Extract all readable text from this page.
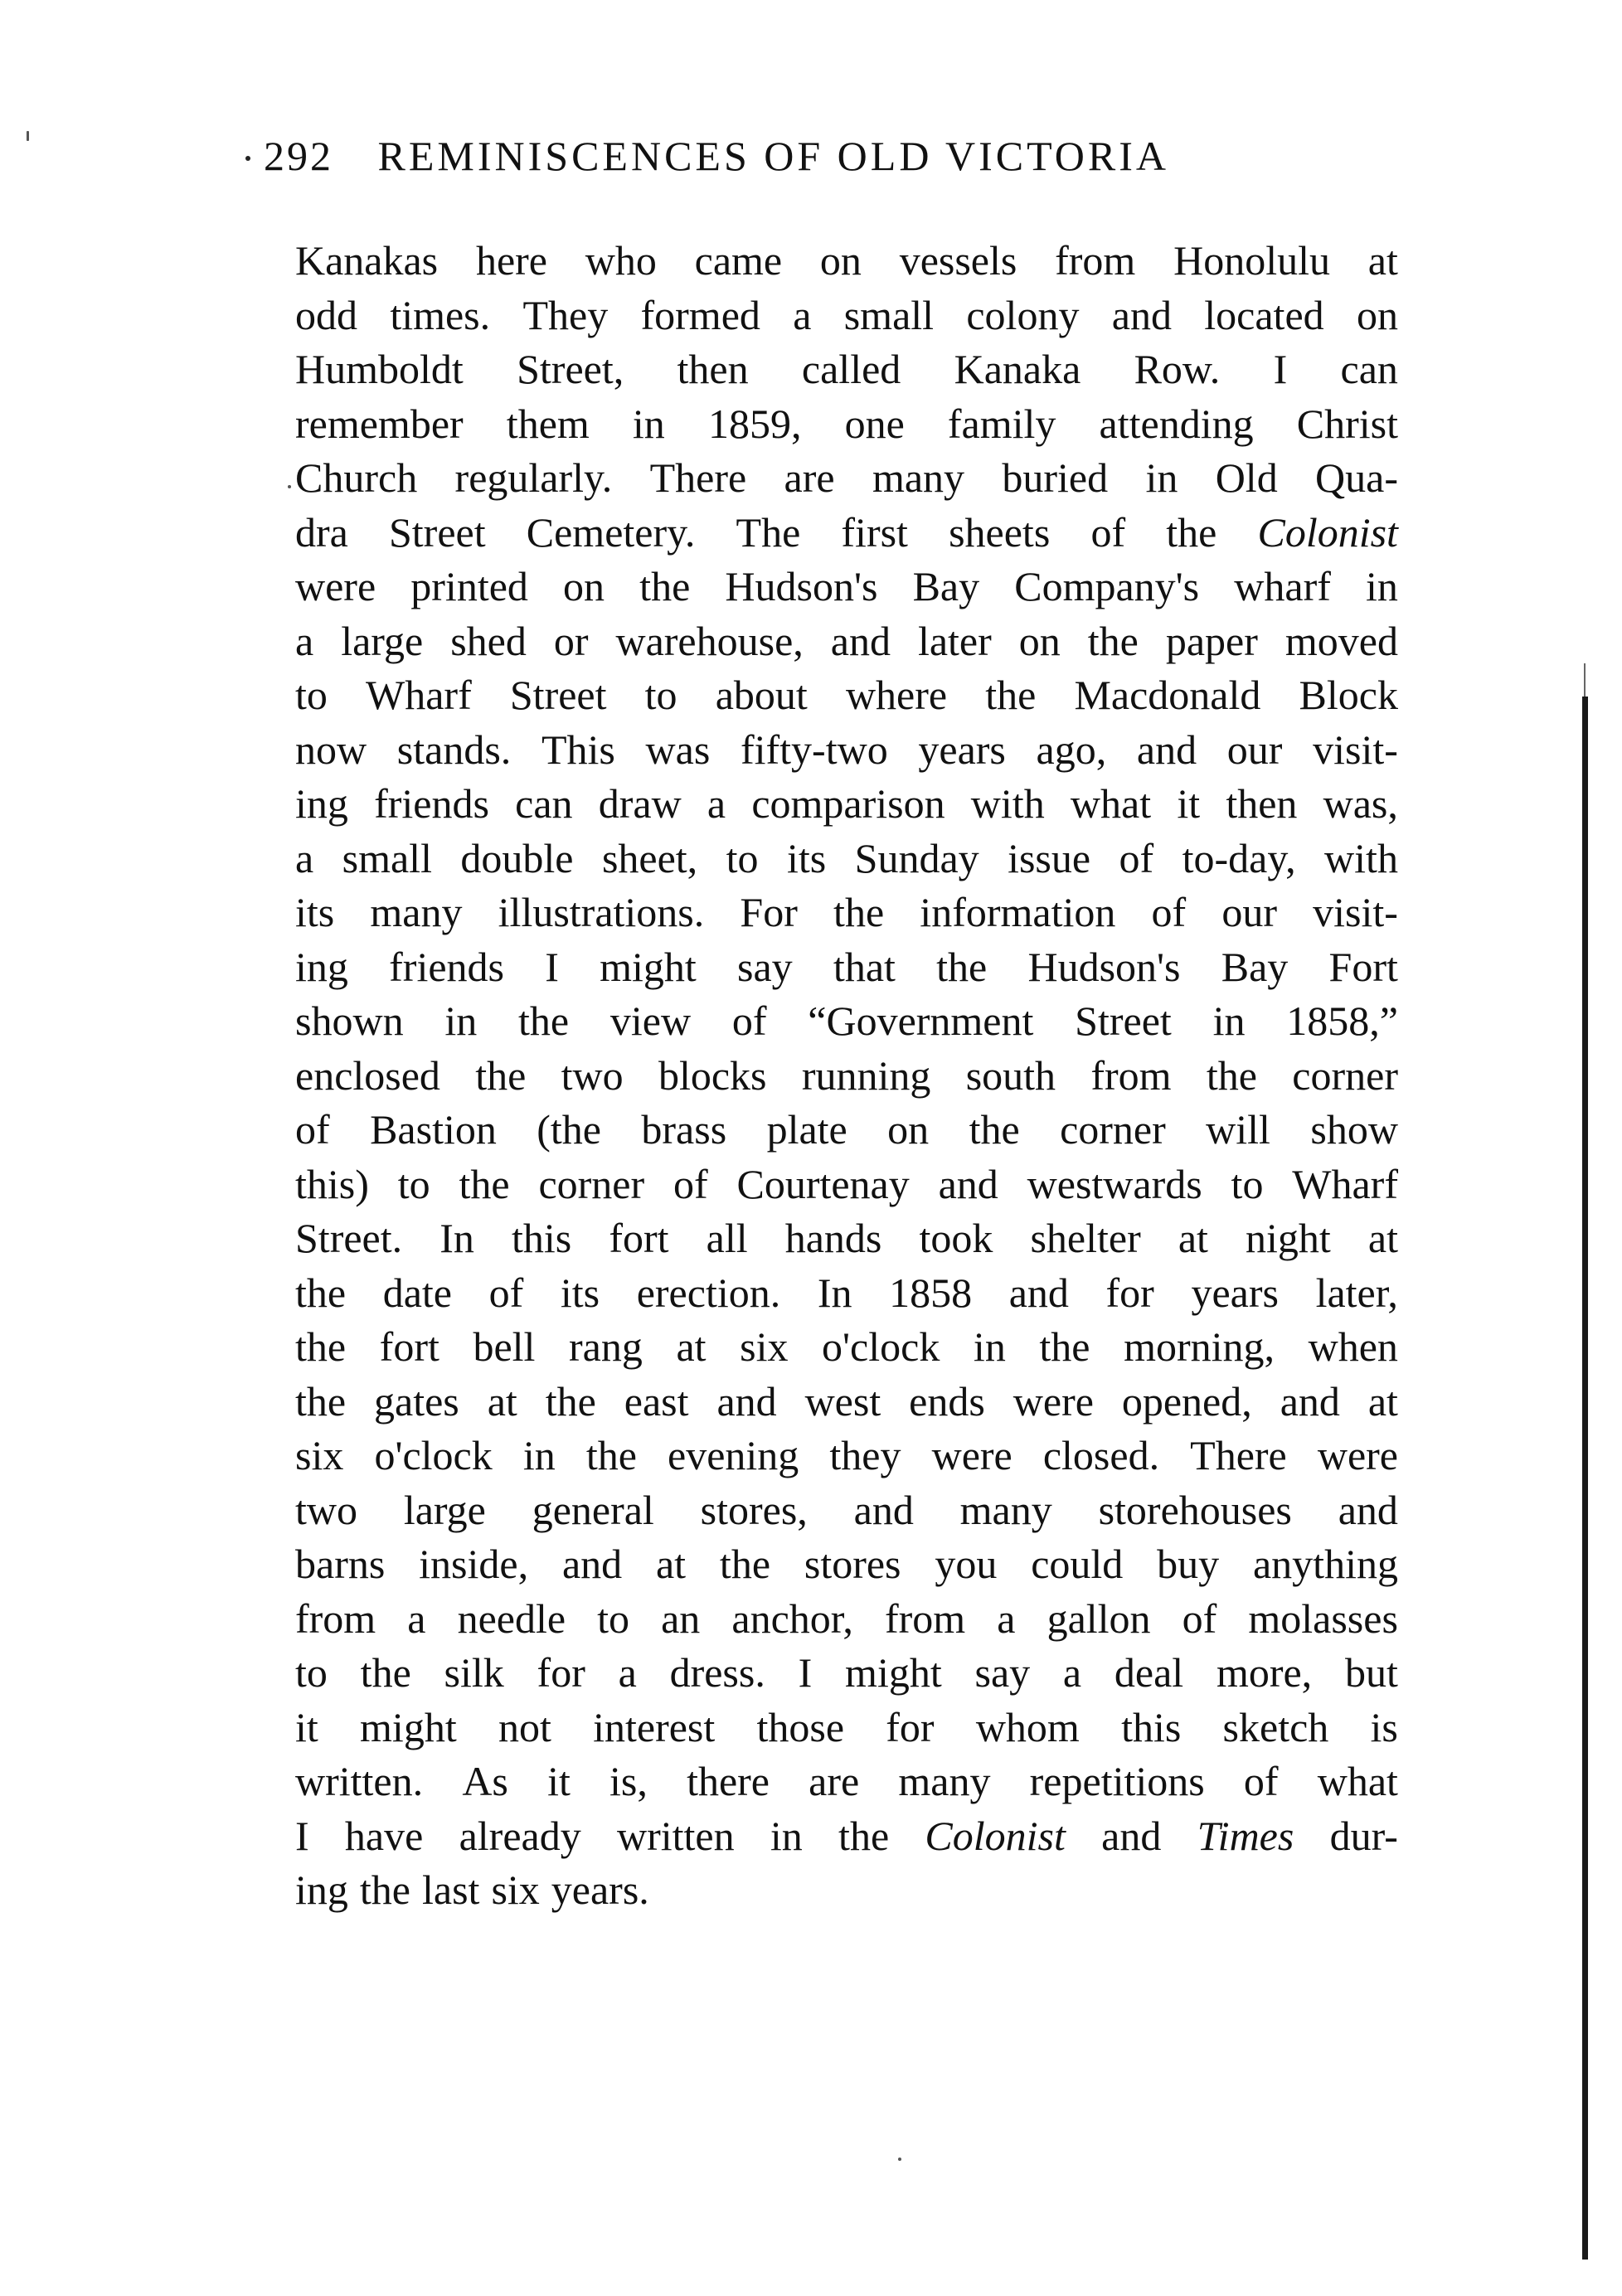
292 REMINISCENCES OF OLD VICTORIA
Kanakas here who came on vessels from Honolulu at
odd times. They formed a small colony and located on
Humboldt Street, then called Kanaka Row. I can
remember them in 1859, one family attending Christ
Church regularly. There are many buried in Old Qua-
dra Street Cemetery. The first sheets of the Colonist
were printed on the Hudson's Bay Company's wharf in
a large shed or warehouse, and later on the paper moved
to Wharf Street to about where the Macdonald Block
now stands. This was fifty-two years ago, and our visit-
ing friends can draw a comparison with what it then was,
a small double sheet, to its Sunday issue of to-day, with
its many illustrations. For the information of our visit-
ing friends I might say that the Hudson's Bay Fort
shown in the view of “Government Street in 1858,”
enclosed the two blocks running south from the corner
of Bastion (the brass plate on the corner will show
this) to the corner of Courtenay and westwards to Wharf
Street. In this fort all hands took shelter at night at
the date of its erection. In 1858 and for years later,
the fort bell rang at six o'clock in the morning, when
the gates at the east and west ends were opened, and at
six o'clock in the evening they were closed. There were
two large general stores, and many storehouses and
barns inside, and at the stores you could buy anything
from a needle to an anchor, from a gallon of molasses
to the silk for a dress. I might say a deal more, but
it might not interest those for whom this sketch is
written. As it is, there are many repetitions of what
I have already written in the Colonist and Times dur-
ing the last six years.
